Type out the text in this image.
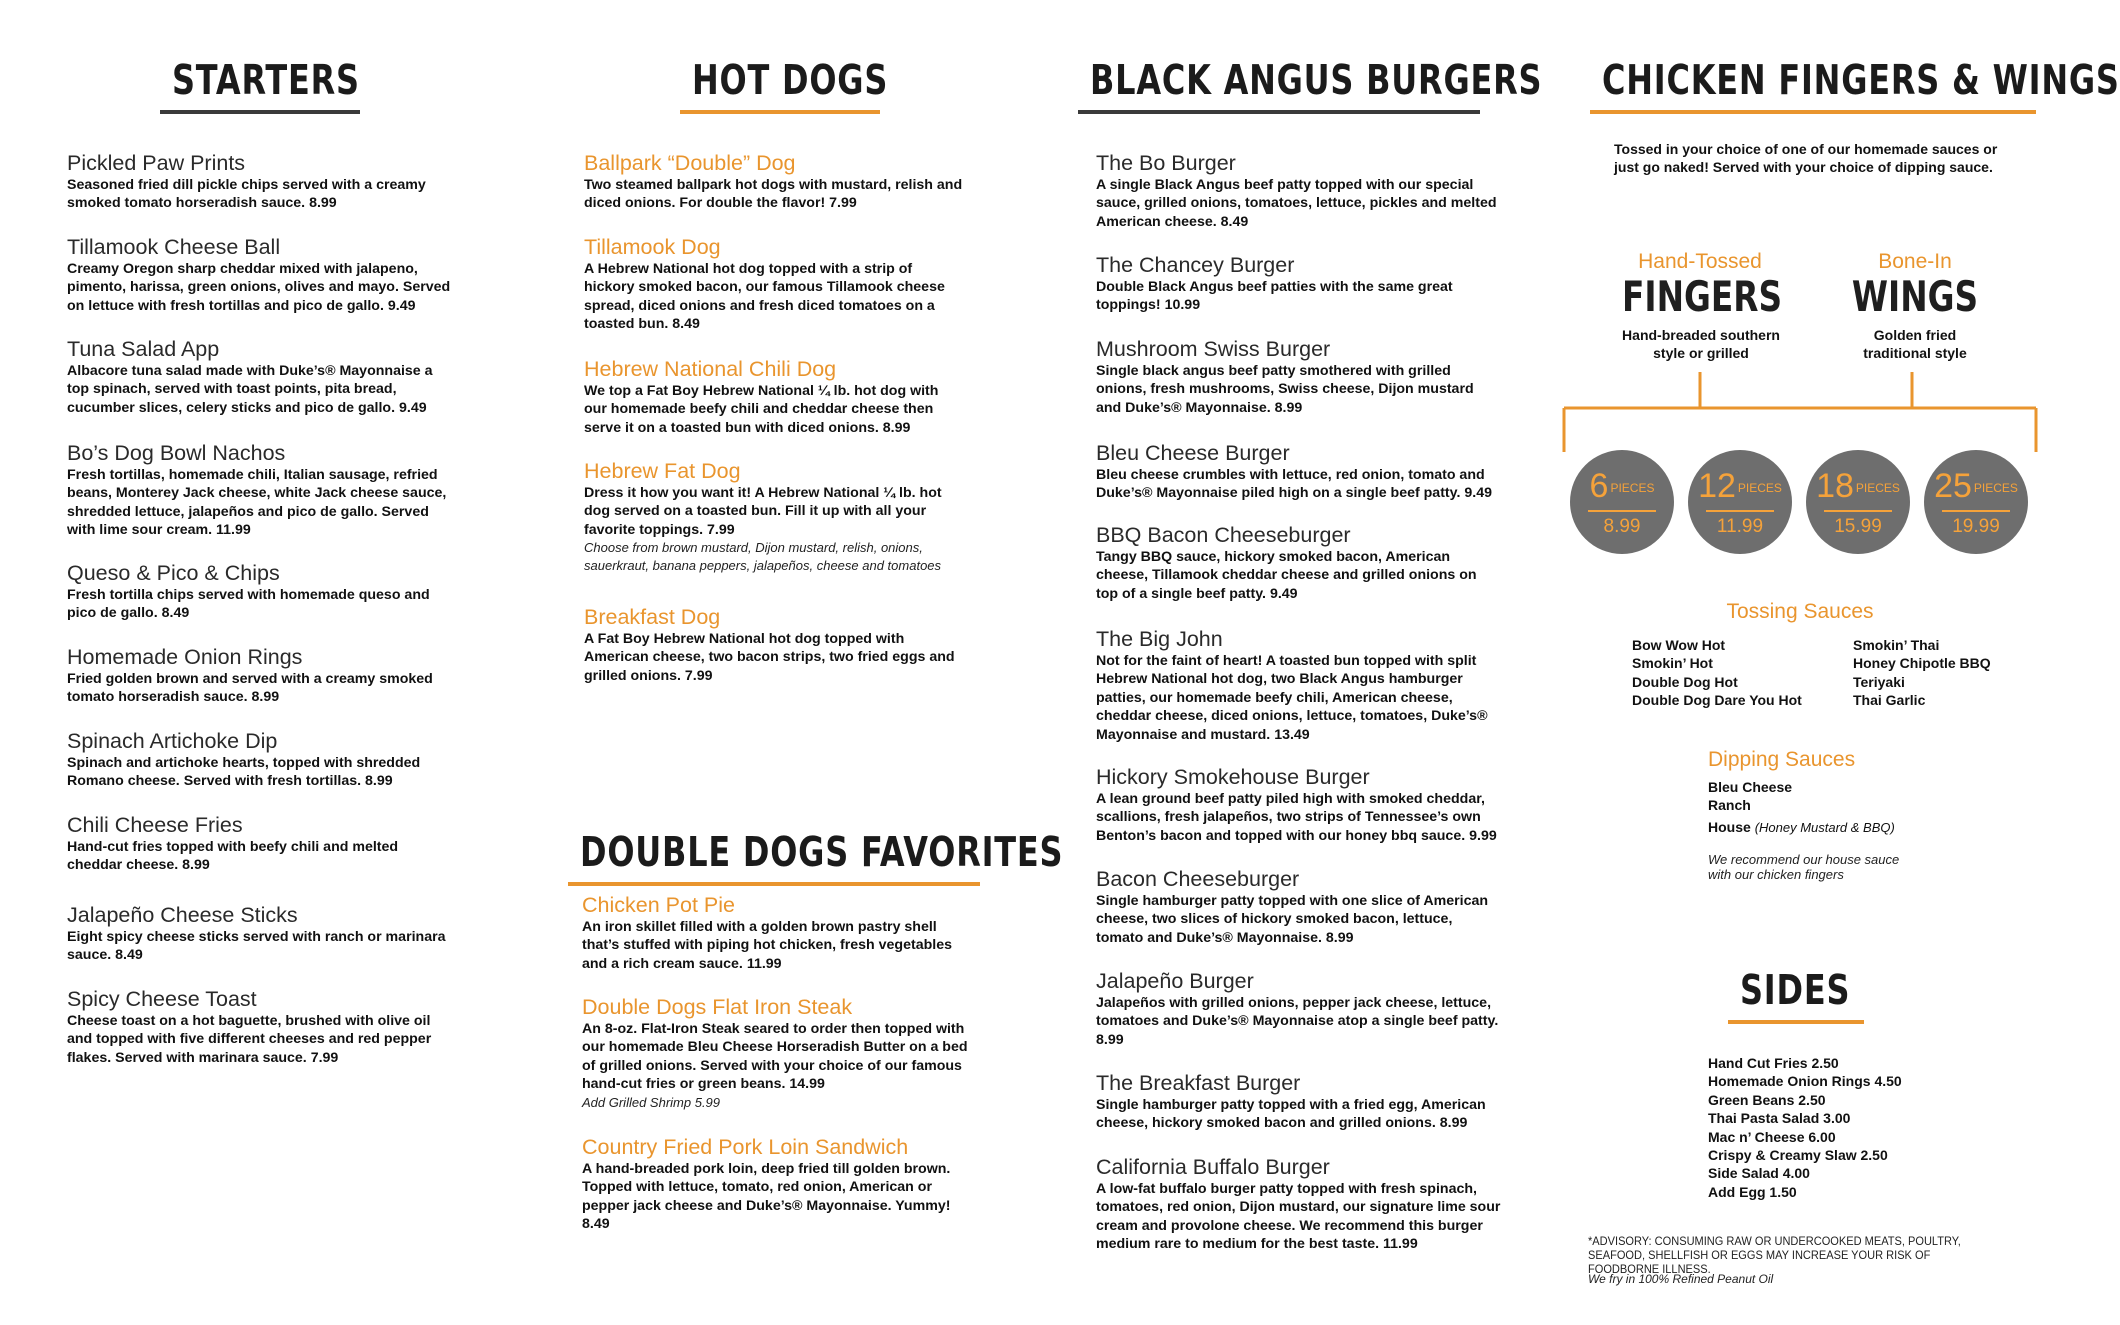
STARTERS
Pickled Paw Prints
Seasoned fried dill pickle chips served with a creamy smoked tomato horseradish sauce. 8.99
Tillamook Cheese Ball
Creamy Oregon sharp cheddar mixed with jalapeno, pimento, harissa, green onions, olives and mayo. Served on lettuce with fresh tortillas and pico de gallo. 9.49
Tuna Salad App
Albacore tuna salad made with Duke’s® Mayonnaise a top spinach, served with toast points, pita bread, cucumber slices, celery sticks and pico de gallo. 9.49
Bo’s Dog Bowl Nachos
Fresh tortillas, homemade chili, Italian sausage, refried beans, Monterey Jack cheese, white Jack cheese sauce, shredded lettuce, jalapeños and pico de gallo. Served with lime sour cream. 11.99
Queso & Pico & Chips
Fresh tortilla chips served with homemade queso and pico de gallo. 8.49
Homemade Onion Rings
Fried golden brown and served with a creamy smoked tomato horseradish sauce. 8.99
Spinach Artichoke Dip
Spinach and artichoke hearts, topped with shredded Romano cheese. Served with fresh tortillas. 8.99
Chili Cheese Fries
Hand-cut fries topped with beefy chili and melted cheddar cheese. 8.99
Jalapeño Cheese Sticks
Eight spicy cheese sticks served with ranch or marinara sauce. 8.49
Spicy Cheese Toast
Cheese toast on a hot baguette, brushed with olive oil and topped with five different cheeses and red pepper flakes. Served with marinara sauce. 7.99
HOT DOGS
Ballpark “Double” Dog
Two steamed ballpark hot dogs with mustard, relish and diced onions. For double the flavor! 7.99
Tillamook Dog
A Hebrew National hot dog topped with a strip of hickory smoked bacon, our famous Tillamook cheese spread, diced onions and fresh diced tomatoes on a toasted bun. 8.49
Hebrew National Chili Dog
We top a Fat Boy Hebrew National ¼ lb. hot dog with our homemade beefy chili and cheddar cheese then serve it on a toasted bun with diced onions. 8.99
Hebrew Fat Dog
Dress it how you want it! A Hebrew National ¼ lb. hot dog served on a toasted bun. Fill it up with all your favorite toppings. 7.99
Choose from brown mustard, Dijon mustard, relish, onions, sauerkraut, banana peppers, jalapeños, cheese and tomatoes
Breakfast Dog
A Fat Boy Hebrew National hot dog topped with American cheese, two bacon strips, two fried eggs and grilled onions. 7.99
DOUBLE DOGS FAVORITES
Chicken Pot Pie
An iron skillet filled with a golden brown pastry shell that’s stuffed with piping hot chicken, fresh vegetables and a rich cream sauce. 11.99
Double Dogs Flat Iron Steak
An 8-oz. Flat-Iron Steak seared to order then topped with our homemade Bleu Cheese Horseradish Butter on a bed of grilled onions. Served with your choice of our famous hand-cut fries or green beans. 14.99
Add Grilled Shrimp 5.99
Country Fried Pork Loin Sandwich
A hand-breaded pork loin, deep fried till golden brown. Topped with lettuce, tomato, red onion, American or pepper jack cheese and Duke’s® Mayonnaise. Yummy! 8.49
BLACK ANGUS BURGERS
The Bo Burger
A single Black Angus beef patty topped with our special sauce, grilled onions, tomatoes, lettuce, pickles and melted American cheese. 8.49
The Chancey Burger
Double Black Angus beef patties with the same great toppings! 10.99
Mushroom Swiss Burger
Single black angus beef patty smothered with grilled onions, fresh mushrooms, Swiss cheese, Dijon mustard and Duke’s® Mayonnaise. 8.99
Bleu Cheese Burger
Bleu cheese crumbles with lettuce, red onion, tomato and Duke’s® Mayonnaise piled high on a single beef patty. 9.49
BBQ Bacon Cheeseburger
Tangy BBQ sauce, hickory smoked bacon, American cheese, Tillamook cheddar cheese and grilled onions on top of a single beef patty. 9.49
The Big John
Not for the faint of heart! A toasted bun topped with split Hebrew National hot dog, two Black Angus hamburger patties, our homemade beefy chili, American cheese, cheddar cheese, diced onions, lettuce, tomatoes, Duke’s® Mayonnaise and mustard. 13.49
Hickory Smokehouse Burger
A lean ground beef patty piled high with smoked cheddar, scallions, fresh jalapeños, two strips of Tennessee’s own Benton’s bacon and topped with our honey bbq sauce. 9.99
Bacon Cheeseburger
Single hamburger patty topped with one slice of American cheese, two slices of hickory smoked bacon, lettuce, tomato and Duke’s® Mayonnaise. 8.99
Jalapeño Burger
Jalapeños with grilled onions, pepper jack cheese, lettuce, tomatoes and Duke’s® Mayonnaise atop a single beef patty. 8.99
The Breakfast Burger
Single hamburger patty topped with a fried egg, American cheese, hickory smoked bacon and grilled onions. 8.99
California Buffalo Burger
A low-fat buffalo burger patty topped with fresh spinach, tomatoes, red onion, Dijon mustard, our signature lime sour cream and provolone cheese. We recommend this burger medium rare to medium for the best taste. 11.99
CHICKEN FINGERS & WINGS
Tossed in your choice of one of our homemade sauces or just go naked! Served with your choice of dipping sauce.
Hand-Tossed
FINGERS
Hand-breaded southern style or grilled
Bone-In
WINGS
Golden fried traditional style
6 PIECES
8.99
12 PIECES
11.99
18 PIECES
15.99
25 PIECES
19.99
Tossing Sauces
Bow Wow Hot
Smokin’ Hot
Double Dog Hot
Double Dog Dare You Hot
Smokin’ Thai
Honey Chipotle BBQ
Teriyaki
Thai Garlic
Dipping Sauces
Bleu Cheese
Ranch
House (Honey Mustard & BBQ)
We recommend our house sauce with our chicken fingers
SIDES
Hand Cut Fries 2.50
Homemade Onion Rings 4.50
Green Beans 2.50
Thai Pasta Salad 3.00
Mac n’ Cheese 6.00
Crispy & Creamy Slaw 2.50
Side Salad 4.00
Add Egg 1.50
*ADVISORY: CONSUMING RAW OR UNDERCOOKED MEATS, POULTRY, SEAFOOD, SHELLFISH OR EGGS MAY INCREASE YOUR RISK OF FOODBORNE ILLNESS.
We fry in 100% Refined Peanut Oil
